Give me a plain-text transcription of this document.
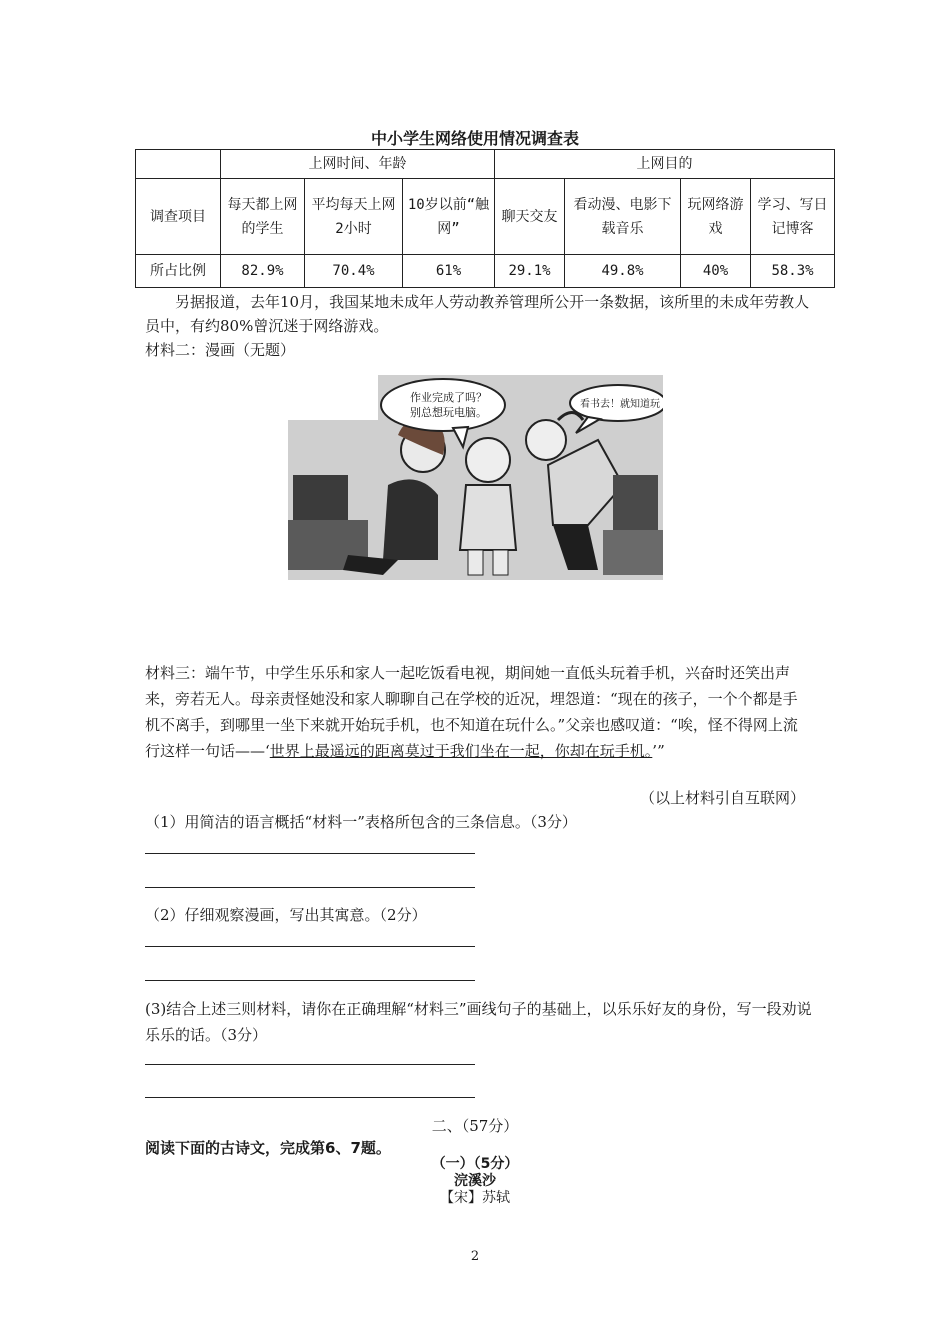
中小学生网络使用情况调查表
	上网时间、年龄			上网目的			
调查项目	每天都上网的学生	平均每天上网2小时	10岁以前“触网”	聊天交友	看动漫、电影下载音乐	玩网络游戏	学习、写日记博客
所占比例	82.9%	70.4%	61%	29.1%	49.8%	40%	58.3%
另据报道，去年10月，我国某地未成年人劳动教养管理所公开一条数据，该所里的未成年劳教人员中，有约80%曾沉迷于网络游戏。
材料二：漫画（无题）
作业完成了吗？
别总想玩电脑。
看书去！就知道玩
材料三：端午节，中学生乐乐和家人一起吃饭看电视，期间她一直低头玩着手机，兴奋时还笑出声来，旁若无人。母亲责怪她没和家人聊聊自己在学校的近况，埋怨道：“现在的孩子，一个个都是手机不离手，到哪里一坐下来就开始玩手机，也不知道在玩什么。”父亲也感叹道：“唉，怪不得网上流行这样一句话——‘世界上最遥远的距离莫过于我们坐在一起，你却在玩手机。’”
（以上材料引自互联网）
（1）用简洁的语言概括“材料一”表格所包含的三条信息。（3分）
（2）仔细观察漫画，写出其寓意。（2分）
(3)结合上述三则材料，请你在正确理解“材料三”画线句子的基础上，以乐乐好友的身份，写一段劝说乐乐的话。（3分）
二、（57分）
阅读下面的古诗文，完成第6、7题。
（一）（5分）
浣溪沙
【宋】苏轼
2
